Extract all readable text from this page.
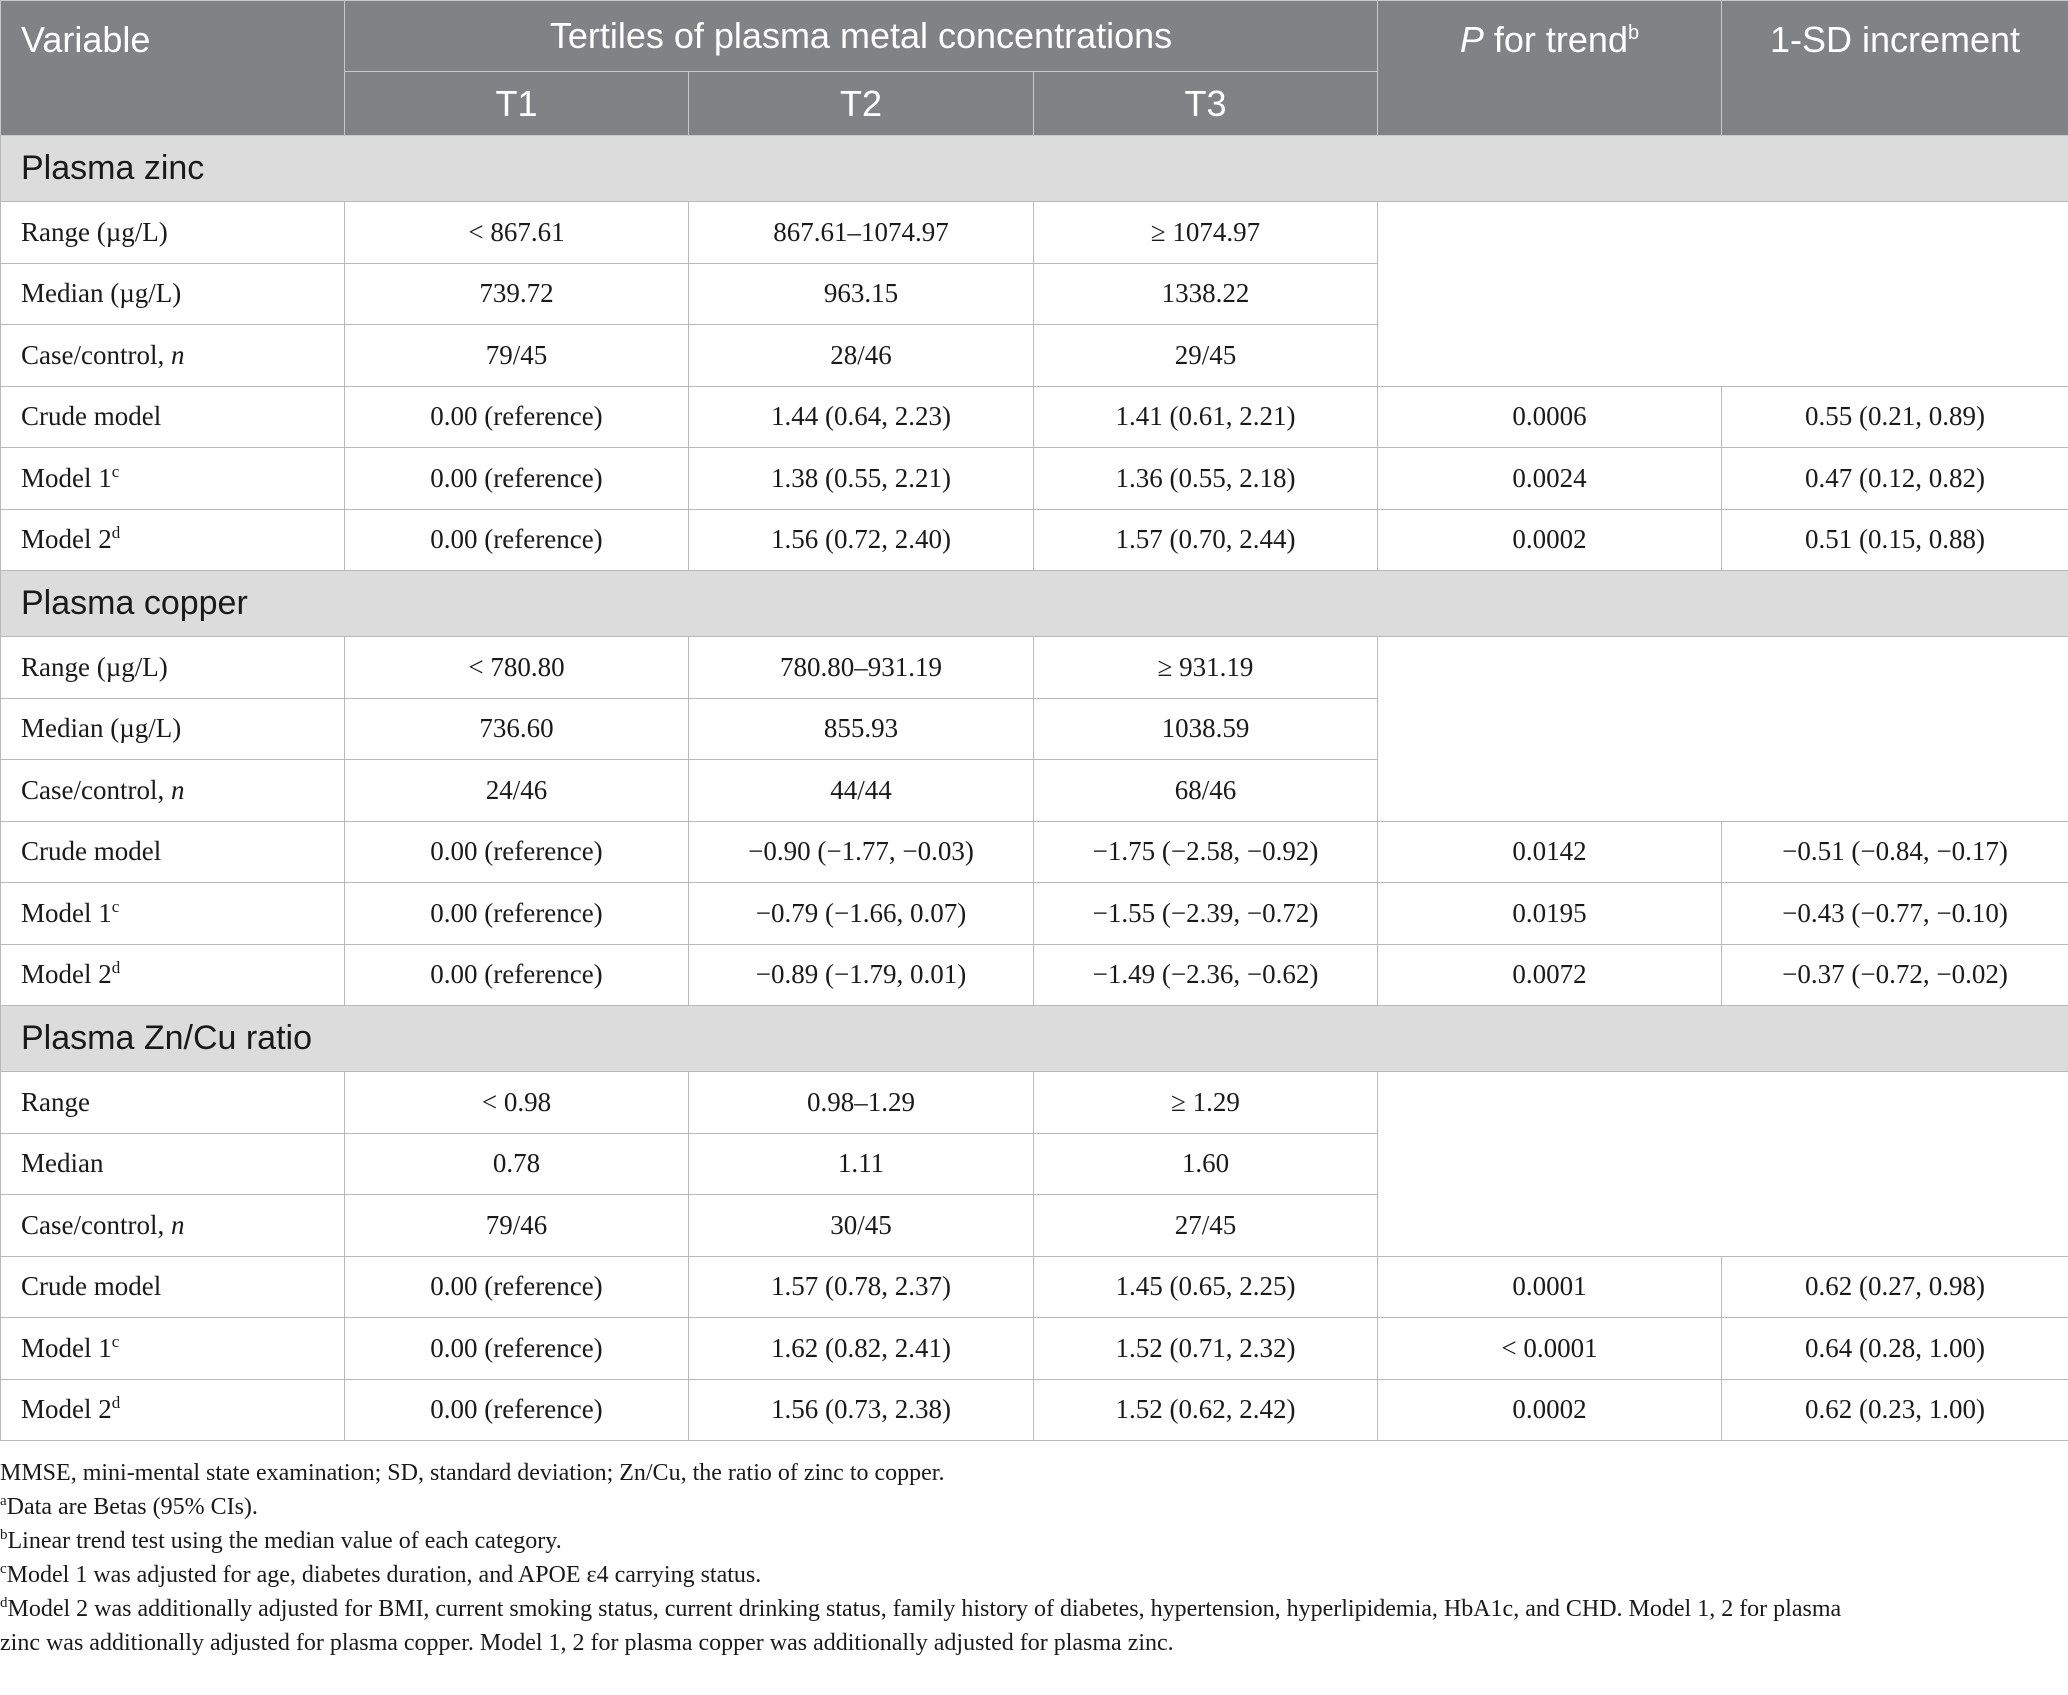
Variable	Tertiles of plasma metal concentrations			P for trend$^b$	1-SD increment
	T1	T2	T3		
Plasma zinc					
Range (µg/L)	< 867.61	867.61–1074.97	≥ 1074.97		
Median (µg/L)	739.72	963.15	1338.22		
Case/control, n	79/45	28/46	29/45		
Crude model	0.00 (reference)	1.44 (0.64, 2.23)	1.41 (0.61, 2.21)	0.0006	0.55 (0.21, 0.89)
Model 1$^c$	0.00 (reference)	1.38 (0.55, 2.21)	1.36 (0.55, 2.18)	0.0024	0.47 (0.12, 0.82)
Model 2$^d$	0.00 (reference)	1.56 (0.72, 2.40)	1.57 (0.70, 2.44)	0.0002	0.51 (0.15, 0.88)
Plasma copper					
Range (µg/L)	< 780.80	780.80–931.19	≥ 931.19		
Median (µg/L)	736.60	855.93	1038.59		
Case/control, n	24/46	44/44	68/46		
Crude model	0.00 (reference)	−0.90 (−1.77, −0.03)	−1.75 (−2.58, −0.92)	0.0142	−0.51 (−0.84, −0.17)
Model 1$^c$	0.00 (reference)	−0.79 (−1.66, 0.07)	−1.55 (−2.39, −0.72)	0.0195	−0.43 (−0.77, −0.10)
Model 2$^d$	0.00 (reference)	−0.89 (−1.79, 0.01)	−1.49 (−2.36, −0.62)	0.0072	−0.37 (−0.72, −0.02)
Plasma Zn/Cu ratio					
Range	< 0.98	0.98–1.29	≥ 1.29		
Median	0.78	1.11	1.60		
Case/control, n	79/46	30/45	27/45		
Crude model	0.00 (reference)	1.57 (0.78, 2.37)	1.45 (0.65, 2.25)	0.0001	0.62 (0.27, 0.98)
Model 1$^c$	0.00 (reference)	1.62 (0.82, 2.41)	1.52 (0.71, 2.32)	< 0.0001	0.64 (0.28, 1.00)
Model 2$^d$	0.00 (reference)	1.56 (0.73, 2.38)	1.52 (0.62, 2.42)	0.0002	0.62 (0.23, 1.00)

MMSE, mini-mental state examination; SD, standard deviation; Zn/Cu, the ratio of zinc to copper.

$^a$Data are Betas (95% CIs).

$^b$Linear trend test using the median value of each category.

$^c$Model 1 was adjusted for age, diabetes duration, and APOE ε4 carrying status.

$^d$Model 2 was additionally adjusted for BMI, current smoking status, current drinking status, family history of diabetes, hypertension, hyperlipidemia, HbA1c, and CHD. Model 1, 2 for plasma
zinc was additionally adjusted for plasma copper. Model 1, 2 for plasma copper was additionally adjusted for plasma zinc.
